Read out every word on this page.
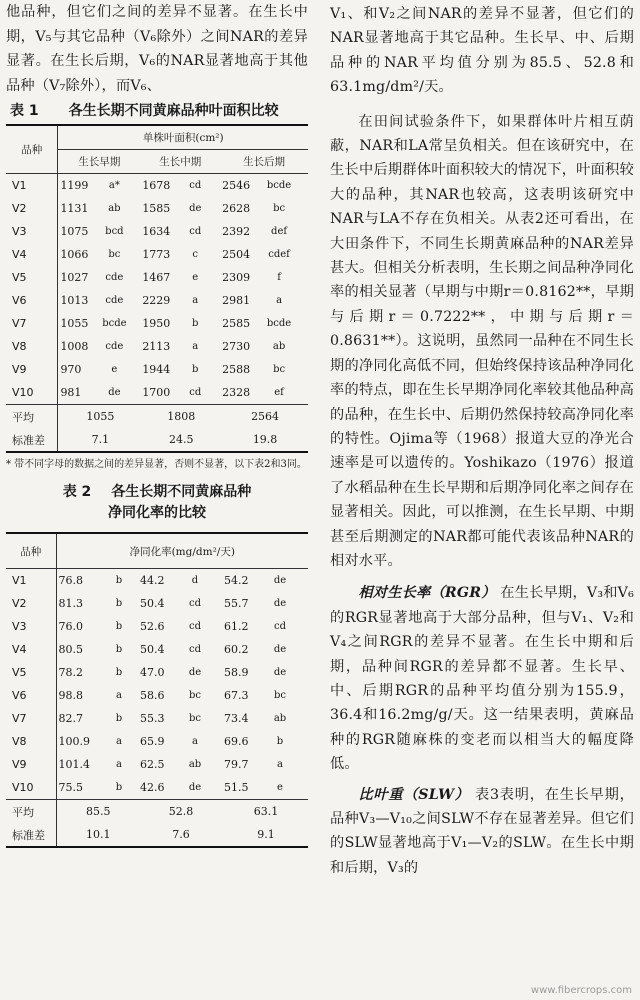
他品种，但它们之间的差异不显著。在生长中期，V₅与其它品种（V₆除外）之间NAR的差异显著。在生长后期，V₆的NAR显著地高于其他品种（V₇除外），而V₆、

表 1 各生长期不同黄麻品种叶面积比较
品种	单株叶面积(cm²)					
	生长早期		生长中期		生长后期	
V1	1199	a*	1678	cd	2546	bcde
V2	1131	ab	1585	de	2628	bc
V3	1075	bcd	1634	cd	2392	def
V4	1066	bc	1773	c	2504	cdef
V5	1027	cde	1467	e	2309	f
V6	1013	cde	2229	a	2981	a
V7	1055	bcde	1950	b	2585	bcde
V8	1008	cde	2113	a	2730	ab
V9	970	e	1944	b	2588	bc
V10	981	de	1700	cd	2328	ef
平均	1055		1808		2564	
标准差	7.1		24.5		19.8	

* 带不同字母的数据之间的差异显著，否则不显著，以下表2和3同。

表 2 各生长期不同黄麻品种
净同化率的比较
品种	净同化率(mg/dm²/天)					
V1	76.8	b	44.2	d	54.2	de
V2	81.3	b	50.4	cd	55.7	de
V3	76.0	b	52.6	cd	61.2	cd
V4	80.5	b	50.4	cd	60.2	de
V5	78.2	b	47.0	de	58.9	de
V6	98.8	a	58.6	bc	67.3	bc
V7	82.7	b	55.3	bc	73.4	ab
V8	100.9	a	65.9	a	69.6	b
V9	101.4	a	62.5	ab	79.7	a
V10	75.5	b	42.6	de	51.5	e
平均	85.5		52.8		63.1	
标准差	10.1		7.6		9.1	

V₁、和V₂之间NAR的差异不显著，但它们的NAR显著地高于其它品种。生长早、中、后期品种的NAR平均值分别为85.5、52.8和63.1mg/dm²/天。

在田间试验条件下，如果群体叶片相互荫蔽，NAR和LA常呈负相关。但在该研究中，在生长中后期群体叶面积较大的情况下，叶面积较大的品种，其NAR也较高，这表明该研究中NAR与LA不存在负相关。从表2还可看出，在大田条件下，不同生长期黄麻品种的NAR差异甚大。但相关分析表明，生长期之间品种净同化率的相关显著（早期与中期r＝0.8162**，早期与后期r＝0.7222**，中期与后期r＝0.8631**）。这说明，虽然同一品种在不同生长期的净同化高低不同，但始终保持该品种净同化率的特点，即在生长早期净同化率较其他品种高的品种，在生长中、后期仍然保持较高净同化率的特性。Ojima等（1968）报道大豆的净光合速率是可以遗传的。Yoshikazo（1976）报道了水稻品种在生长早期和后期净同化率之间存在显著相关。因此，可以推测，在生长早期、中期甚至后期测定的NAR都可能代表该品种NAR的相对水平。

相对生长率（RGR） 在生长早期，V₃和V₆的RGR显著地高于大部分品种，但与V₁、V₂和V₄之间RGR的差异不显著。在生长中期和后期，品种间RGR的差异都不显著。生长早、中、后期RGR的品种平均值分别为155.9，36.4和16.2mg/g/天。这一结果表明，黄麻品种的RGR随麻株的变老而以相当大的幅度降低。

比叶重（SLW） 表3表明，在生长早期，品种V₃—V₁₀之间SLW不存在显著差异。但它们的SLW显著地高于V₁—V₂的SLW。在生长中期和后期，V₃的

www.fibercrops.com
